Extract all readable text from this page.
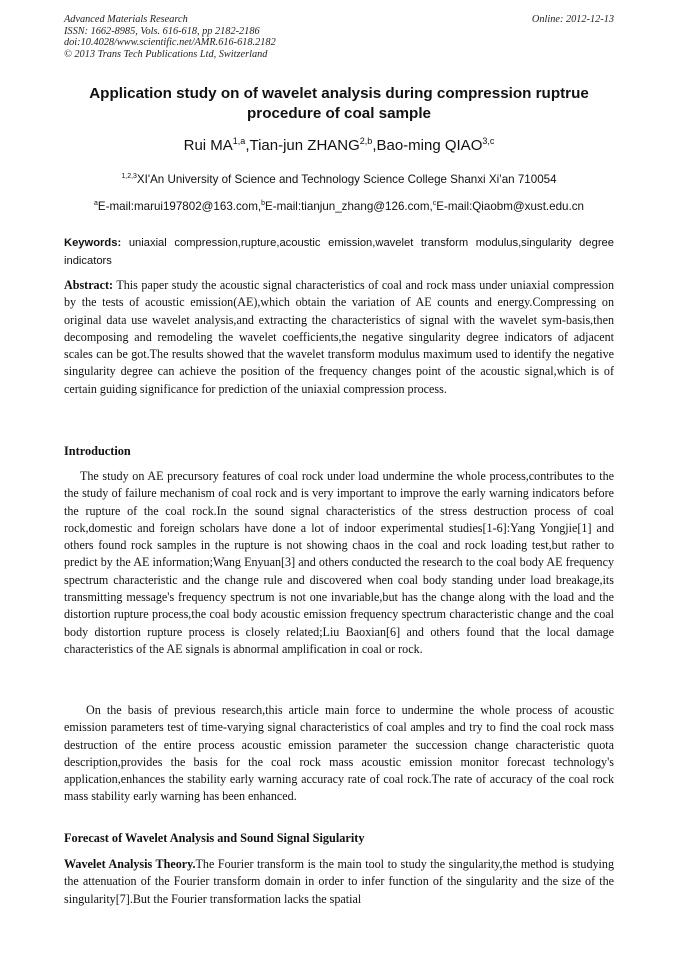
Advanced Materials Research
ISSN: 1662-8985, Vols. 616-618, pp 2182-2186
doi:10.4028/www.scientific.net/AMR.616-618.2182
© 2013 Trans Tech Publications Ltd, Switzerland
Online: 2012-12-13
Application study on of wavelet analysis during compression ruptrue procedure of coal sample
Rui MA$^{1,a}$,Tian-jun ZHANG$^{2,b}$,Bao-ming QIAO$^{3,c}$
$^{1,2,3}$XI'An University of Science and Technology Science College Shanxi Xi’an 710054
$^a$E-mail:marui197802@163.com,$^b$E-mail:tianjun_zhang@126.com,$^c$E-mail:Qiaobm@xust.edu.cn
Keywords: uniaxial compression,rupture,acoustic emission,wavelet transform modulus,singularity degree indicators
Abstract: This paper study the acoustic signal characteristics of coal and rock mass under uniaxial compression by the tests of acoustic emission(AE),which obtain the variation of AE counts and energy.Compressing on original data use wavelet analysis,and extracting the characteristics of signal with the wavelet sym-basis,then decomposing and remodeling the wavelet coefficients,the negative singularity degree indicators of adjacent scales can be got.The results showed that the wavelet transform modulus maximum used to identify the negative singularity degree can achieve the position of the frequency changes point of the acoustic signal,which is of certain guiding significance for prediction of the uniaxial compression process.
Introduction

The study on AE precursory features of coal rock under load undermine the whole process,contributes to the the study of failure mechanism of coal rock and is very important to improve the early warning indicators before the rupture of the coal rock.In the sound signal characteristics of the stress destruction process of coal rock,domestic and foreign scholars have done a lot of indoor experimental studies[1-6]:Yang Yongjie[1] and others found rock samples in the rupture is not showing chaos in the coal and rock loading test,but rather to predict by the AE information;Wang Enyuan[3] and others conducted the research to the coal body AE frequency spectrum characteristic and the change rule and discovered when coal body standing under load breakage,its transmitting message's frequency spectrum is not one invariable,but has the change along with the load and the distortion rupture process,the coal body acoustic emission frequency spectrum characteristic change and the coal body distortion rupture process is closely related;Liu Baoxian[6] and others found that the local damage characteristics of the AE signals is abnormal amplification in coal or rock.

On the basis of previous research,this article main force to undermine the whole process of acoustic emission parameters test of time-varying signal characteristics of coal amples and try to find the coal rock mass destruction of the entire process acoustic emission parameter the succession change characteristic quota description,provides the basis for the coal rock mass acoustic emission monitor forecast technology's application,enhances the stability early warning accuracy rate of coal rock.The rate of accuracy of the coal rock mass stability early warning has been enhanced.

Forecast of Wavelet Analysis and Sound Signal Sigularity

Wavelet Analysis Theory.The Fourier transform is the main tool to study the singularity,the method is studying the attenuation of the Fourier transform domain in order to infer function of the singularity and the size of the singularity[7].But the Fourier transformation lacks the spatial
